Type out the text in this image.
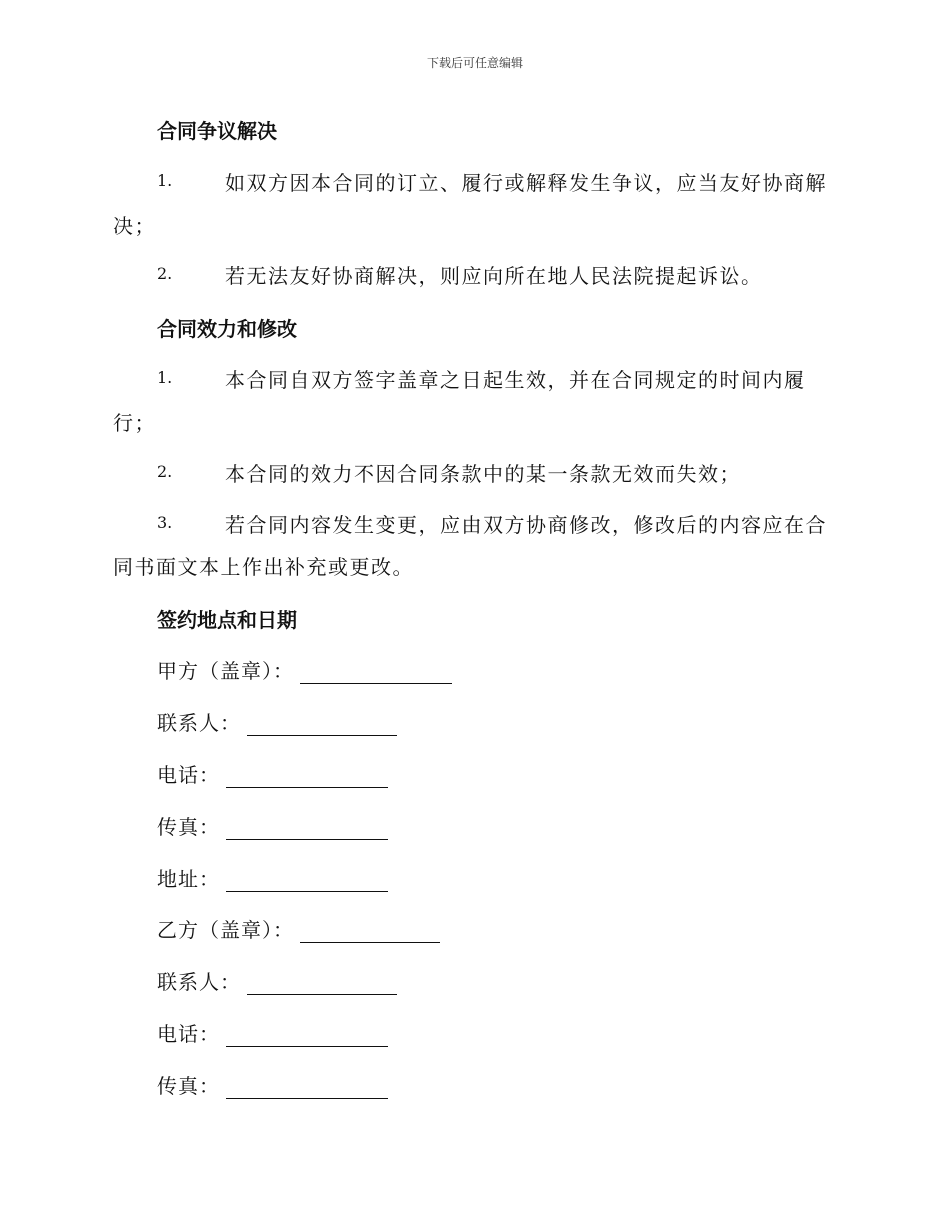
下载后可任意编辑
合同争议解决
1.	如双方因本合同的订立、履行或解释发生争议，应当友好协商解
决；
2.	若无法友好协商解决，则应向所在地人民法院提起诉讼。
合同效力和修改
1.	本合同自双方签字盖章之日起生效，并在合同规定的时间内履
行；
2.	本合同的效力不因合同条款中的某一条款无效而失效；
3.	若合同内容发生变更，应由双方协商修改，修改后的内容应在合
同书面文本上作出补充或更改。
签约地点和日期
甲方（盖章）：
联系人：
电话：
传真：
地址：
乙方（盖章）：
联系人：
电话：
传真：
